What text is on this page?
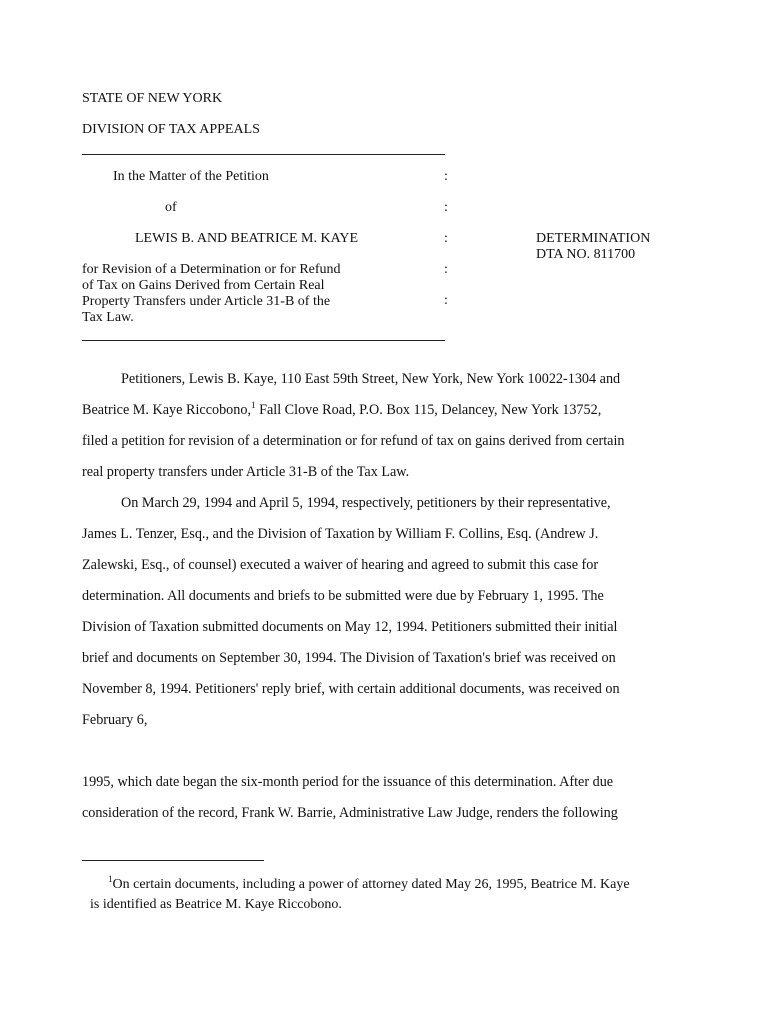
STATE OF NEW YORK
DIVISION OF TAX APPEALS
In the Matter of the Petition
of
LEWIS B. AND BEATRICE M. KAYE
for Revision of a Determination or for Refund
of Tax on Gains Derived from Certain Real
Property Transfers under Article 31-B of the
Tax Law.
:
:
:
:
:
DETERMINATION
DTA NO. 811700
Petitioners, Lewis B. Kaye, 110 East 59th Street, New York, New York 10022-1304 and
Beatrice M. Kaye Riccobono,$^1$ Fall Clove Road, P.O. Box 115, Delancey, New York 13752,
filed a petition for revision of a determination or for refund of tax on gains derived from certain
real property transfers under Article 31-B of the Tax Law.
On March 29, 1994 and April 5, 1994, respectively, petitioners by their representative,
James L. Tenzer, Esq., and the Division of Taxation by William F. Collins, Esq. (Andrew J.
Zalewski, Esq., of counsel) executed a waiver of hearing and agreed to submit this case for
determination. All documents and briefs to be submitted were due by February 1, 1995. The
Division of Taxation submitted documents on May 12, 1994. Petitioners submitted their initial
brief and documents on September 30, 1994. The Division of Taxation's brief was received on
November 8, 1994. Petitioners' reply brief, with certain additional documents, was received on
February 6,
1995, which date began the six-month period for the issuance of this determination. After due
consideration of the record, Frank W. Barrie, Administrative Law Judge, renders the following
$^1$On certain documents, including a power of attorney dated May 26, 1995, Beatrice M. Kaye
is identified as Beatrice M. Kaye Riccobono.
